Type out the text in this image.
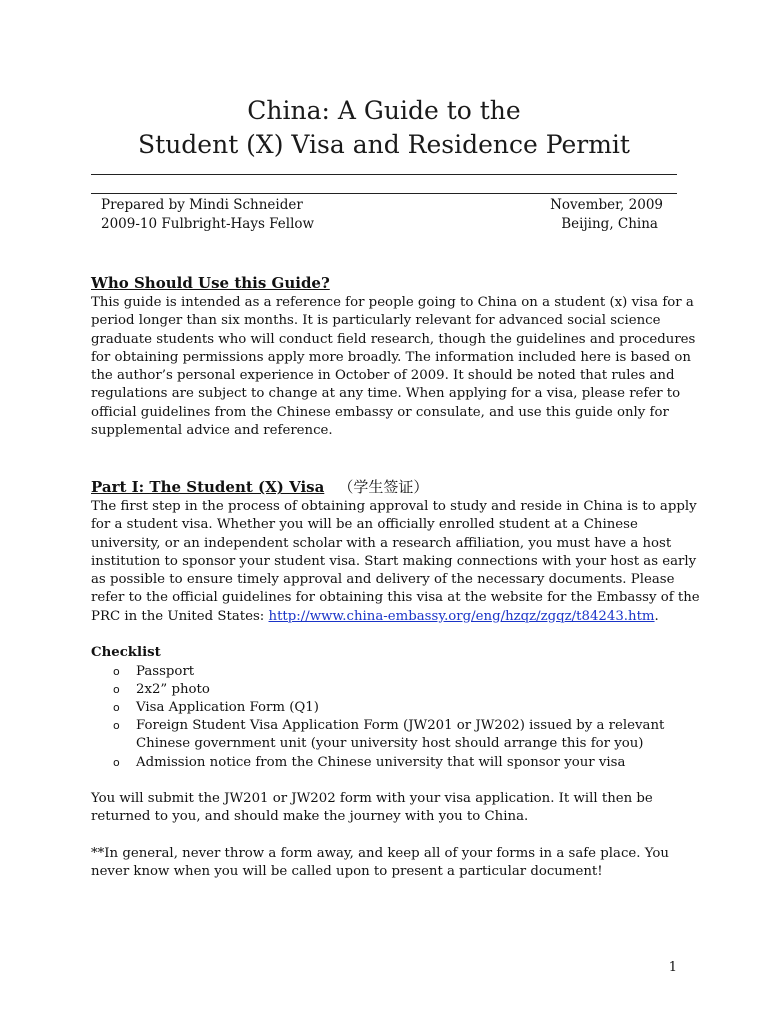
China: A Guide to the
Student (X) Visa and Residence Permit
Prepared by Mindi Schneider
2009-10 Fulbright-Hays Fellow
November, 2009
Beijing, China
Who Should Use this Guide?
This guide is intended as a reference for people going to China on a student (x) visa for a
period longer than six months. It is particularly relevant for advanced social science
graduate students who will conduct field research, though the guidelines and procedures
for obtaining permissions apply more broadly. The information included here is based on
the author’s personal experience in October of 2009. It should be noted that rules and
regulations are subject to change at any time. When applying for a visa, please refer to
official guidelines from the Chinese embassy or consulate, and use this guide only for
supplemental advice and reference.
Part I: The Student (X) Visa （学生签证）
The first step in the process of obtaining approval to study and reside in China is to apply
for a student visa. Whether you will be an officially enrolled student at a Chinese
university, or an independent scholar with a research affiliation, you must have a host
institution to sponsor your student visa. Start making connections with your host as early
as possible to ensure timely approval and delivery of the necessary documents. Please
refer to the official guidelines for obtaining this visa at the website for the Embassy of the
PRC in the United States: http://www.china-embassy.org/eng/hzqz/zgqz/t84243.htm.
Checklist
o Passport
o 2x2” photo
o Visa Application Form (Q1)
o Foreign Student Visa Application Form (JW201 or JW202) issued by a relevant
Chinese government unit (your university host should arrange this for you)
o Admission notice from the Chinese university that will sponsor your visa
You will submit the JW201 or JW202 form with your visa application. It will then be
returned to you, and should make the journey with you to China.
**In general, never throw a form away, and keep all of your forms in a safe place. You
never know when you will be called upon to present a particular document!
1
